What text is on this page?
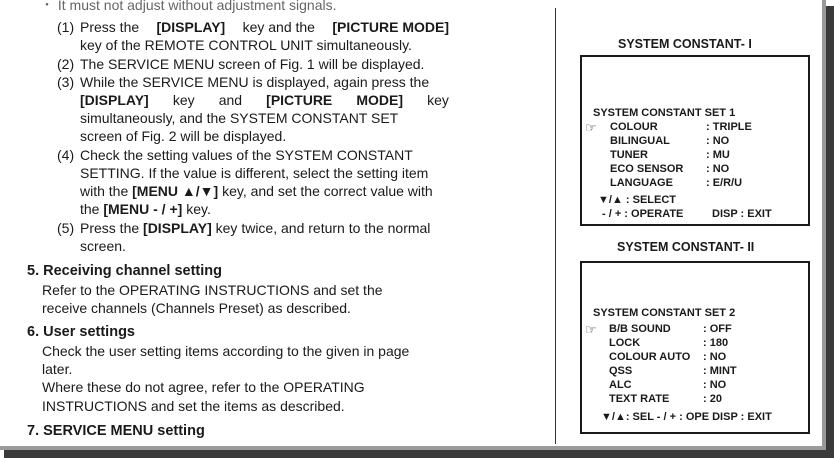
・ It must not adjust without adjustment signals.
(1) Press the [DISPLAY] key and the [PICTURE MODE]
key of the REMOTE CONTROL UNIT simultaneously.
(2) The SERVICE MENU screen of Fig. 1 will be displayed.
(3) While the SERVICE MENU is displayed, again press the
[DISPLAY] key and [PICTURE MODE] key
simultaneously, and the SYSTEM CONSTANT SET
screen of Fig. 2 will be displayed.
(4) Check the setting values of the SYSTEM CONSTANT
SETTING. If the value is different, select the setting item
with the [MENU ▲/▼] key, and set the correct value with
the [MENU - / +] key.
(5) Press the [DISPLAY] key twice, and return to the normal
screen.
5. Receiving channel setting
Refer to the OPERATING INSTRUCTIONS and set the
receive channels (Channels Preset) as described.
6. User settings
Check the user setting items according to the given in page
later.
Where these do not agree, refer to the OPERATING
INSTRUCTIONS and set the items as described.
7. SERVICE MENU setting
SYSTEM CONSTANT- I
SYSTEM CONSTANT SET 1
☞ COLOUR	: TRIPLE
BILINGUAL	: NO
TUNER	: MU
ECO SENSOR : NO
LANGUAGE	: E/R/U
▼/▲ : SELECT
- / + : OPERATE	DISP : EXIT
SYSTEM CONSTANT- II
SYSTEM CONSTANT SET 2
☞ B/B SOUND	: OFF
LOCK	: 180
COLOUR AUTO : NO
QSS	: MINT
ALC	: NO
TEXT RATE	: 20
▼/▲: SEL - / + : OPE DISP : EXIT
